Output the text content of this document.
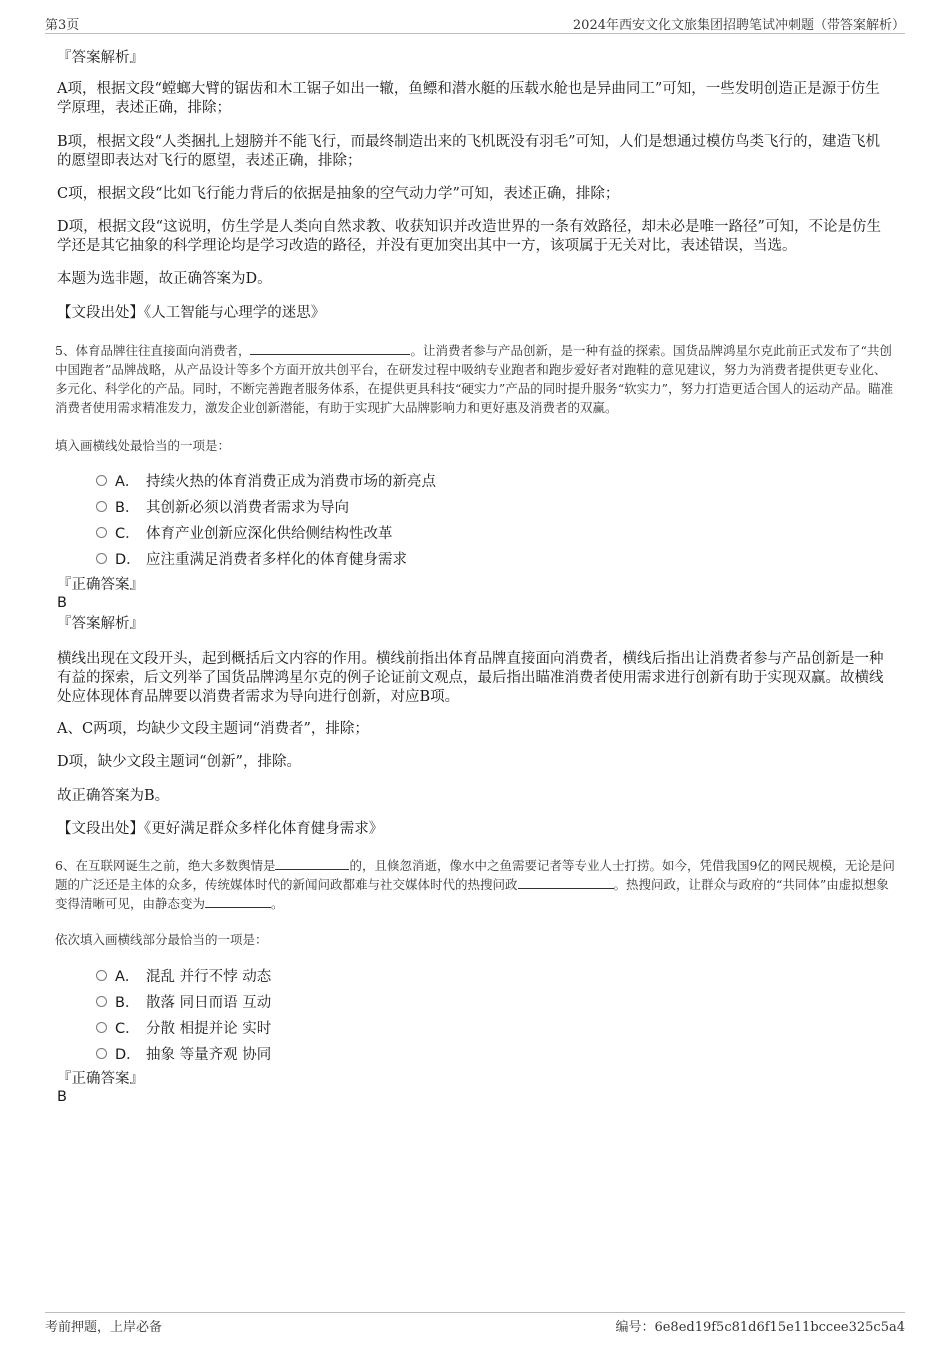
第3页	2024年西安文化文旅集团招聘笔试冲刺题（带答案解析）
『答案解析』
A项，根据文段“螳螂大臂的锯齿和木工锯子如出一辙，鱼鳔和潜水艇的压载水舱也是异曲同工”可知，一些发明创造正是源于仿生学原理，表述正确，排除；
B项，根据文段“人类捆扎上翅膀并不能飞行，而最终制造出来的飞机既没有羽毛”可知，人们是想通过模仿鸟类飞行的，建造飞机的愿望即表达对飞行的愿望，表述正确，排除；
C项，根据文段“比如飞行能力背后的依据是抽象的空气动力学”可知，表述正确，排除；
D项，根据文段“这说明，仿生学是人类向自然求教、收获知识并改造世界的一条有效路径，却未必是唯一路径”可知，不论是仿生学还是其它抽象的科学理论均是学习改造的路径，并没有更加突出其中一方，该项属于无关对比，表述错误，当选。
本题为选非题，故正确答案为D。
【文段出处】《人工智能与心理学的迷思》
5、体育品牌往往直接面向消费者，	。让消费者参与产品创新，是一种有益的探索。国货品牌鸿星尔克此前正式发布了“共创中国跑者”品牌战略，从产品设计等多个方面开放共创平台，在研发过程中吸纳专业跑者和跑步爱好者对跑鞋的意见建议，努力为消费者提供更专业化、多元化、科学化的产品。同时，不断完善跑者服务体系，在提供更具科技“硬实力”产品的同时提升服务“软实力”，努力打造更适合国人的运动产品。瞄准消费者使用需求精准发力，激发企业创新潜能，有助于实现扩大品牌影响力和更好惠及消费者的双赢。
填入画横线处最恰当的一项是：
A． 持续火热的体育消费正成为消费市场的新亮点
B． 其创新必须以消费者需求为导向
C． 体育产业创新应深化供给侧结构性改革
D． 应注重满足消费者多样化的体育健身需求
『正确答案』
B
『答案解析』
横线出现在文段开头，起到概括后文内容的作用。横线前指出体育品牌直接面向消费者，横线后指出让消费者参与产品创新是一种有益的探索，后文列举了国货品牌鸿星尔克的例子论证前文观点，最后指出瞄准消费者使用需求进行创新有助于实现双赢。故横线处应体现体育品牌要以消费者需求为导向进行创新，对应B项。
A、C两项，均缺少文段主题词“消费者”，排除；
D项，缺少文段主题词“创新”，排除。
故正确答案为B。
【文段出处】《更好满足群众多样化体育健身需求》
6、在互联网诞生之前，绝大多数舆情是	的，且倏忽消逝，像水中之鱼需要记者等专业人士打捞。如今，凭借我国9亿的网民规模，无论是问题的广泛还是主体的众多，传统媒体时代的新闻问政都难与社交媒体时代的热搜问政	。热搜问政，让群众与政府的“共同体”由虚拟想象变得清晰可见，由静态变为	。
依次填入画横线部分最恰当的一项是：
A． 混乱 并行不悖 动态
B． 散落 同日而语 互动
C． 分散 相提并论 实时
D． 抽象 等量齐观 协同
『正确答案』
B
考前押题，上岸必备	编号：6e8ed19f5c81d6f15e11bccee325c5a4
